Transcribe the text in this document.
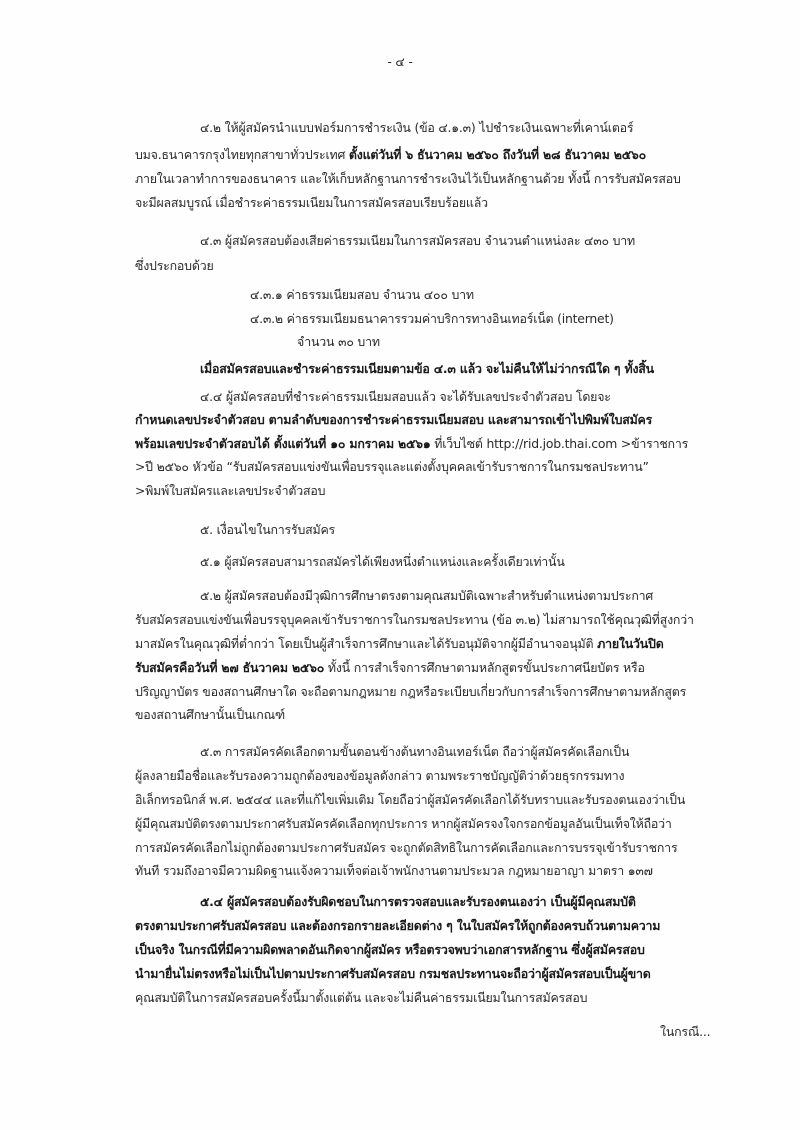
- ๔ -
๔.๒ ให้ผู้สมัครนำแบบฟอร์มการชำระเงิน (ข้อ ๔.๑.๓) ไปชำระเงินเฉพาะที่เคาน์เตอร์
บมจ.ธนาคารกรุงไทยทุกสาขาทั่วประเทศ ตั้งแต่วันที่ ๖ ธันวาคม ๒๕๖๐ ถึงวันที่ ๒๘ ธันวาคม ๒๕๖๐
ภายในเวลาทำการของธนาคาร และให้เก็บหลักฐานการชำระเงินไว้เป็นหลักฐานด้วย ทั้งนี้ การรับสมัครสอบ
จะมีผลสมบูรณ์ เมื่อชำระค่าธรรมเนียมในการสมัครสอบเรียบร้อยแล้ว
๔.๓ ผู้สมัครสอบต้องเสียค่าธรรมเนียมในการสมัครสอบ จำนวนตำแหน่งละ ๔๓๐ บาท
ซึ่งประกอบด้วย
๔.๓.๑ ค่าธรรมเนียมสอบ จำนวน ๔๐๐ บาท
๔.๓.๒ ค่าธรรมเนียมธนาคารรวมค่าบริการทางอินเทอร์เน็ต (internet)
จำนวน ๓๐ บาท
เมื่อสมัครสอบและชำระค่าธรรมเนียมตามข้อ ๔.๓ แล้ว จะไม่คืนให้ไม่ว่ากรณีใด ๆ ทั้งสิ้น
๔.๔ ผู้สมัครสอบที่ชำระค่าธรรมเนียมสอบแล้ว จะได้รับเลขประจำตัวสอบ โดยจะ
กำหนดเลขประจำตัวสอบ ตามลำดับของการชำระค่าธรรมเนียมสอบ และสามารถเข้าไปพิมพ์ใบสมัคร
พร้อมเลขประจำตัวสอบได้ ตั้งแต่วันที่ ๑๐ มกราคม ๒๕๖๑ ที่เว็บไซต์ http://rid.job.thai.com >ข้าราชการ
>ปี ๒๕๖๐ หัวข้อ “รับสมัครสอบแข่งขันเพื่อบรรจุและแต่งตั้งบุคคลเข้ารับราชการในกรมชลประทาน”
>พิมพ์ใบสมัครและเลขประจำตัวสอบ
๕. เงื่อนไขในการรับสมัคร
๕.๑ ผู้สมัครสอบสามารถสมัครได้เพียงหนึ่งตำแหน่งและครั้งเดียวเท่านั้น
๕.๒ ผู้สมัครสอบต้องมีวุฒิการศึกษาตรงตามคุณสมบัติเฉพาะสำหรับตำแหน่งตามประกาศ
รับสมัครสอบแข่งขันเพื่อบรรจุบุคคลเข้ารับราชการในกรมชลประทาน (ข้อ ๓.๒) ไม่สามารถใช้คุณวุฒิที่สูงกว่า
มาสมัครในคุณวุฒิที่ต่ำกว่า โดยเป็นผู้สำเร็จการศึกษาและได้รับอนุมัติจากผู้มีอำนาจอนุมัติ ภายในวันปิด
รับสมัครคือวันที่ ๒๗ ธันวาคม ๒๕๖๐ ทั้งนี้ การสำเร็จการศึกษาตามหลักสูตรขั้นประกาศนียบัตร หรือ
ปริญญาบัตร ของสถานศึกษาใด จะถือตามกฎหมาย กฎหรือระเบียบเกี่ยวกับการสำเร็จการศึกษาตามหลักสูตร
ของสถานศึกษานั้นเป็นเกณฑ์
๕.๓ การสมัครคัดเลือกตามขั้นตอนข้างต้นทางอินเทอร์เน็ต ถือว่าผู้สมัครคัดเลือกเป็น
ผู้ลงลายมือชื่อและรับรองความถูกต้องของข้อมูลดังกล่าว ตามพระราชบัญญัติว่าด้วยธุรกรรมทาง
อิเล็กทรอนิกส์ พ.ศ. ๒๕๔๔ และที่แก้ไขเพิ่มเติม โดยถือว่าผู้สมัครคัดเลือกได้รับทราบและรับรองตนเองว่าเป็น
ผู้มีคุณสมบัติตรงตามประกาศรับสมัครคัดเลือกทุกประการ หากผู้สมัครจงใจกรอกข้อมูลอันเป็นเท็จให้ถือว่า
การสมัครคัดเลือกไม่ถูกต้องตามประกาศรับสมัคร จะถูกตัดสิทธิในการคัดเลือกและการบรรจุเข้ารับราชการ
ทันที รวมถึงอาจมีความผิดฐานแจ้งความเท็จต่อเจ้าพนักงานตามประมวล กฎหมายอาญา มาตรา ๑๓๗
๕.๔ ผู้สมัครสอบต้องรับผิดชอบในการตรวจสอบและรับรองตนเองว่า เป็นผู้มีคุณสมบัติ
ตรงตามประกาศรับสมัครสอบ และต้องกรอกรายละเอียดต่าง ๆ ในใบสมัครให้ถูกต้องครบถ้วนตามความ
เป็นจริง ในกรณีที่มีความผิดพลาดอันเกิดจากผู้สมัคร หรือตรวจพบว่าเอกสารหลักฐาน ซึ่งผู้สมัครสอบ
นำมายื่นไม่ตรงหรือไม่เป็นไปตามประกาศรับสมัครสอบ กรมชลประทานจะถือว่าผู้สมัครสอบเป็นผู้ขาด
คุณสมบัติในการสมัครสอบครั้งนี้มาตั้งแต่ต้น และจะไม่คืนค่าธรรมเนียมในการสมัครสอบ
ในกรณี...
